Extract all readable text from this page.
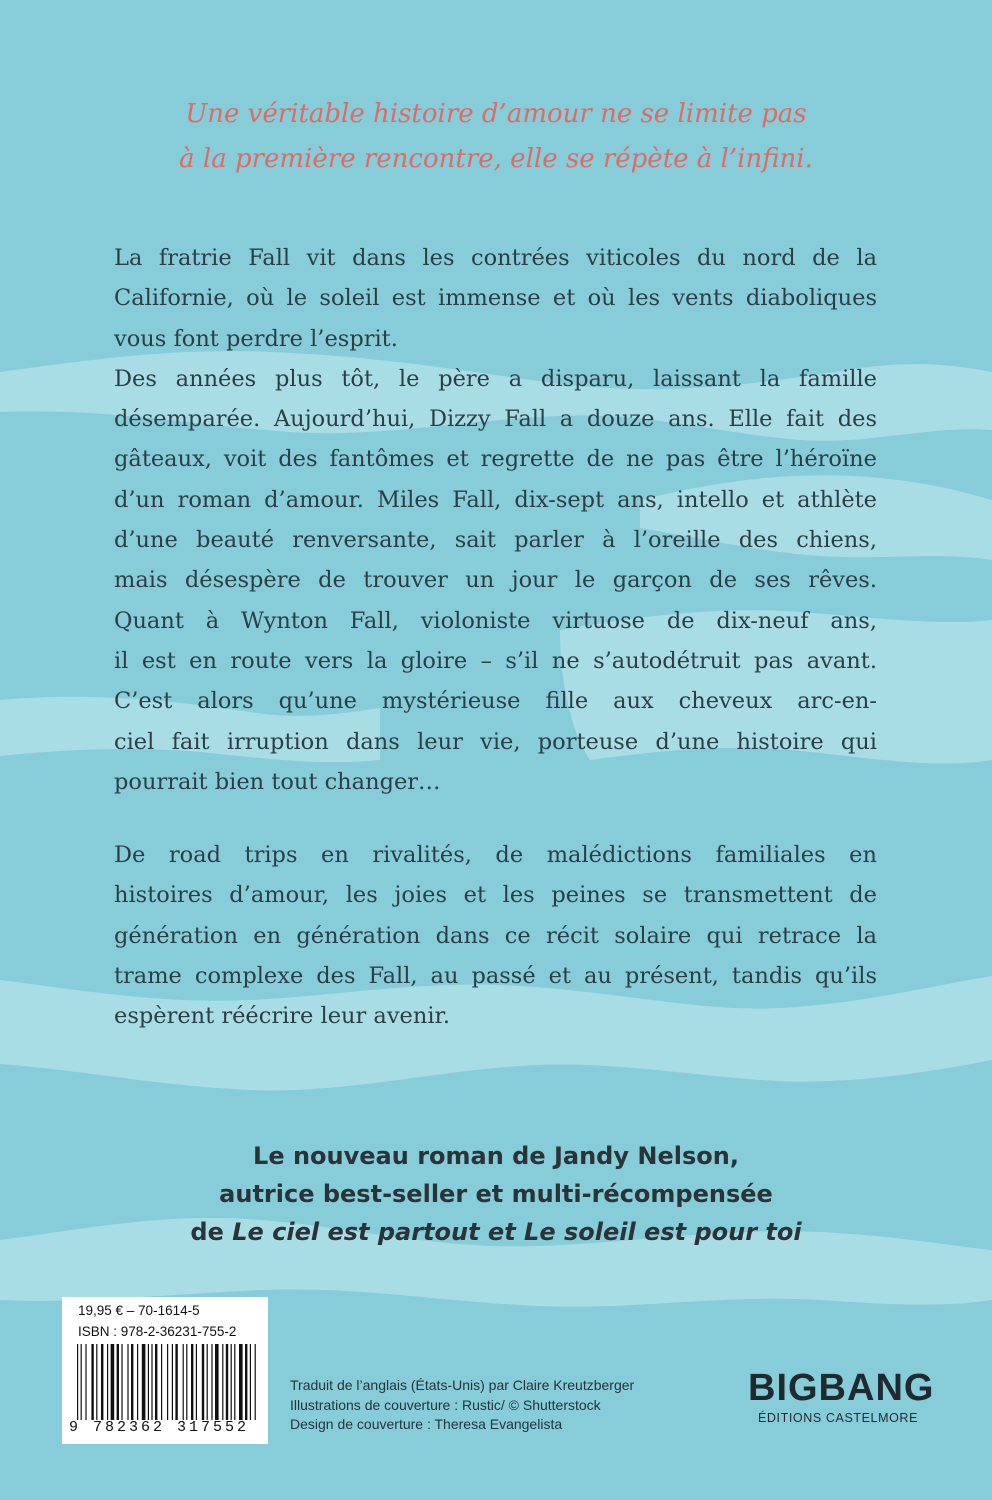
Une véritable histoire d’amour ne se limite pas
à la première rencontre, elle se répète à l’infini.
La fratrie Fall vit dans les contrées viticoles du nord de la
Californie, où le soleil est immense et où les vents diaboliques
vous font perdre l’esprit.
Des années plus tôt, le père a disparu, laissant la famille
désemparée. Aujourd’hui, Dizzy Fall a douze ans. Elle fait des
gâteaux, voit des fantômes et regrette de ne pas être l’héroïne
d’un roman d’amour. Miles Fall, dix-sept ans, intello et athlète
d’une beauté renversante, sait parler à l’oreille des chiens,
mais désespère de trouver un jour le garçon de ses rêves.
Quant à Wynton Fall, violoniste virtuose de dix-neuf ans,
il est en route vers la gloire – s’il ne s’autodétruit pas avant.
C’est alors qu’une mystérieuse fille aux cheveux arc-en-
ciel fait irruption dans leur vie, porteuse d’une histoire qui
pourrait bien tout changer…
De road trips en rivalités, de malédictions familiales en
histoires d’amour, les joies et les peines se transmettent de
génération en génération dans ce récit solaire qui retrace la
trame complexe des Fall, au passé et au présent, tandis qu’ils
espèrent réécrire leur avenir.
Le nouveau roman de Jandy Nelson,
autrice best-seller et multi-récompensée
de Le ciel est partout et Le soleil est pour toi
19,95 € – 70-1614-5
ISBN : 978-2-36231-755-2
9 782362 317552
Traduit de l’anglais (États-Unis) par Claire Kreutzberger
Illustrations de couverture : Rustic/ © Shutterstock
Design de couverture : Theresa Evangelista
BIGBANG
ÉDITIONS CASTELMORE
